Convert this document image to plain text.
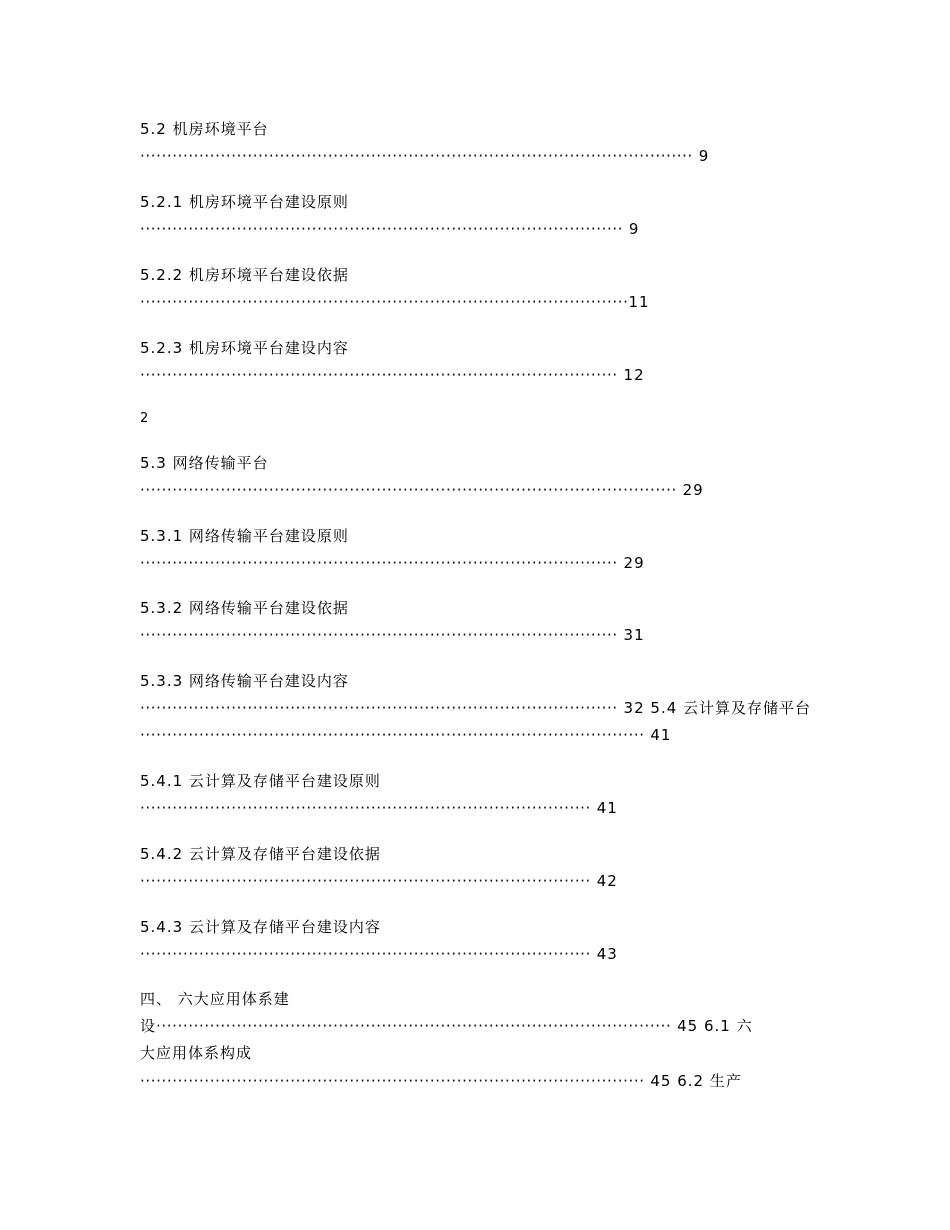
5.2 机房环境平台
······································································································· 9
5.2.1 机房环境平台建设原则
·························································································· 9
5.2.2 机房环境平台建设依据
···························································································11
5.2.3 机房环境平台建设内容
························································································· 12
2
5.3 网络传输平台
···································································································· 29
5.3.1 网络传输平台建设原则
························································································· 29
5.3.2 网络传输平台建设依据
························································································· 31
5.3.3 网络传输平台建设内容
························································································· 32 5.4 云计算及存储平台
······························································································ 41
5.4.1 云计算及存储平台建设原则
···················································································· 41
5.4.2 云计算及存储平台建设依据
···················································································· 42
5.4.3 云计算及存储平台建设内容
···················································································· 43
四、 六大应用体系建
设································································································ 45 6.1 六
大应用体系构成
······························································································ 45 6.2 生产
